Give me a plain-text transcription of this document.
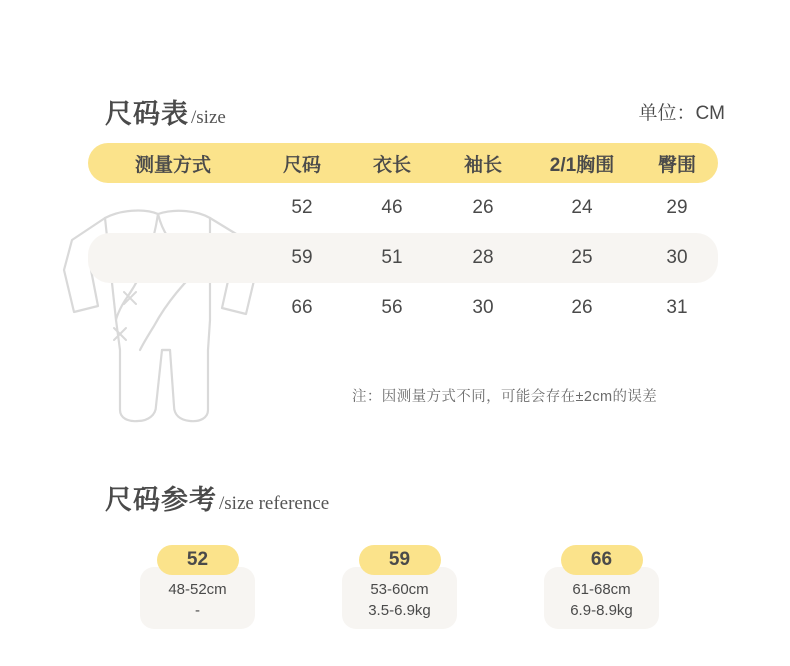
尺码表 /size	单位：CM
测量方式	尺码	衣长	袖长	2/1胸围	臀围
	52	46	26	24	29
	59	51	28	25	30
	66	56	30	26	31
注：因测量方式不同，可能会存在±2cm的误差
尺码参考 /size reference
52
48-52cm
-
59
53-60cm
3.5-6.9kg
66
61-68cm
6.9-8.9kg
